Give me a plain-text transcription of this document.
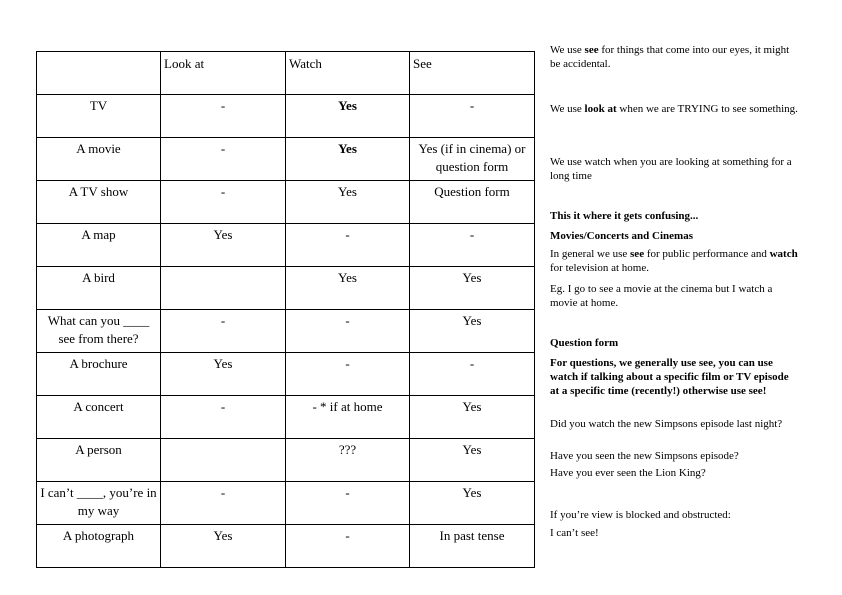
	Look at	Watch	See
TV	-	Yes	-
A movie	-	Yes	Yes (if in cinema) or question form
A TV show	-	Yes	Question form
A map	Yes	-	-
A bird		Yes	Yes
What can you ____ see from there?	-	-	Yes
A brochure	Yes	-	-
A concert	-	- * if at home	Yes
A person		???	Yes
I can’t ____, you’re in my way	-	-	Yes
A photograph	Yes	-	In past tense

We use see for things that come into our eyes, it might be accidental.

We use look at when we are TRYING to see something.

We use watch when you are looking at something for a long time

This it where it gets confusing...

Movies/Concerts and Cinemas

In general we use see for public performance and watch for television at home.

Eg. I go to see a movie at the cinema but I watch a movie at home.

Question form

For questions, we generally use see, you can use watch if talking about a specific film or TV episode at a specific time (recently!) otherwise use see!

Did you watch the new Simpsons episode last night?

Have you seen the new Simpsons episode?

Have you ever seen the Lion King?

If you’re view is blocked and obstructed:

I can’t see!
